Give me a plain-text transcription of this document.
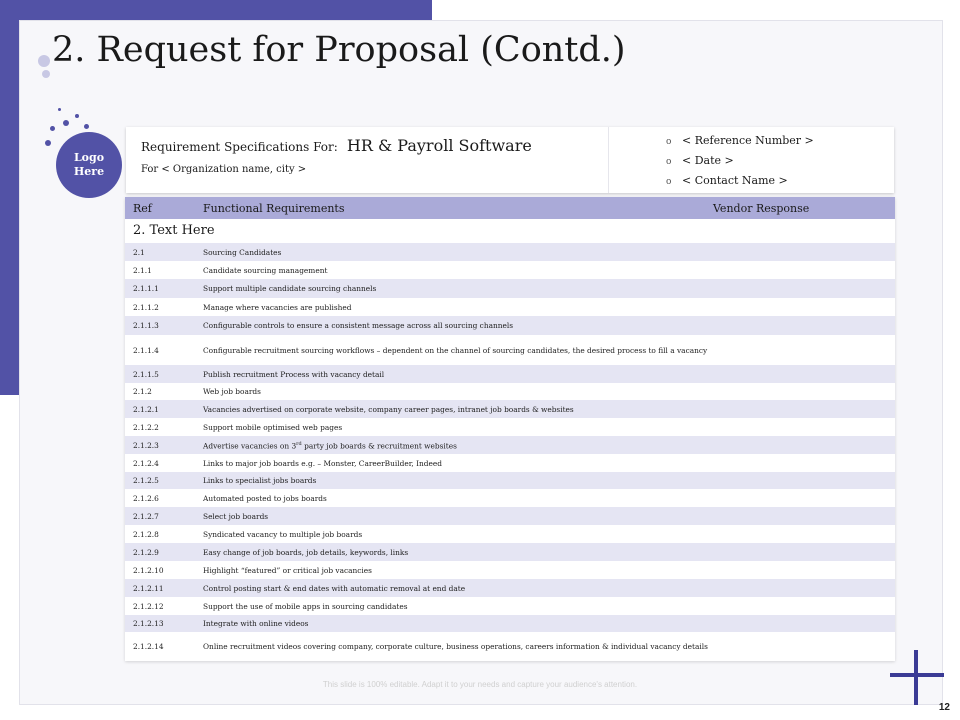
2. Request for Proposal (Contd.)
Logo
Here
Requirement Specifications For: HR & Payroll Software
For < Organization name, city >
o < Reference Number >
o < Date >
o < Contact Name >
Ref	Functional Requirements	Vendor Response
2. Text Here
2.1	Sourcing Candidates
2.1.1	Candidate sourcing management
2.1.1.1	Support multiple candidate sourcing channels
2.1.1.2	Manage where vacancies are published
2.1.1.3	Configurable controls to ensure a consistent message across all sourcing channels
2.1.1.4	Configurable recruitment sourcing workflows – dependent on the channel of sourcing candidates, the desired process to fill a vacancy
2.1.1.5	Publish recruitment Process with vacancy detail
2.1.2	Web job boards
2.1.2.1	Vacancies advertised on corporate website, company career pages, intranet job boards & websites
2.1.2.2	Support mobile optimised web pages
2.1.2.3	Advertise vacancies on 3rd party job boards & recruitment websites
2.1.2.4	Links to major job boards e.g. – Monster, CareerBuilder, Indeed
2.1.2.5	Links to specialist jobs boards
2.1.2.6	Automated posted to jobs boards
2.1.2.7	Select job boards
2.1.2.8	Syndicated vacancy to multiple job boards
2.1.2.9	Easy change of job boards, job details, keywords, links
2.1.2.10	Highlight “featured” or critical job vacancies
2.1.2.11	Control posting start & end dates with automatic removal at end date
2.1.2.12	Support the use of mobile apps in sourcing candidates
2.1.2.13	Integrate with online videos
2.1.2.14	Online recruitment videos covering company, corporate culture, business operations, careers information & individual vacancy details
This slide is 100% editable. Adapt it to your needs and capture your audience's attention.
12
